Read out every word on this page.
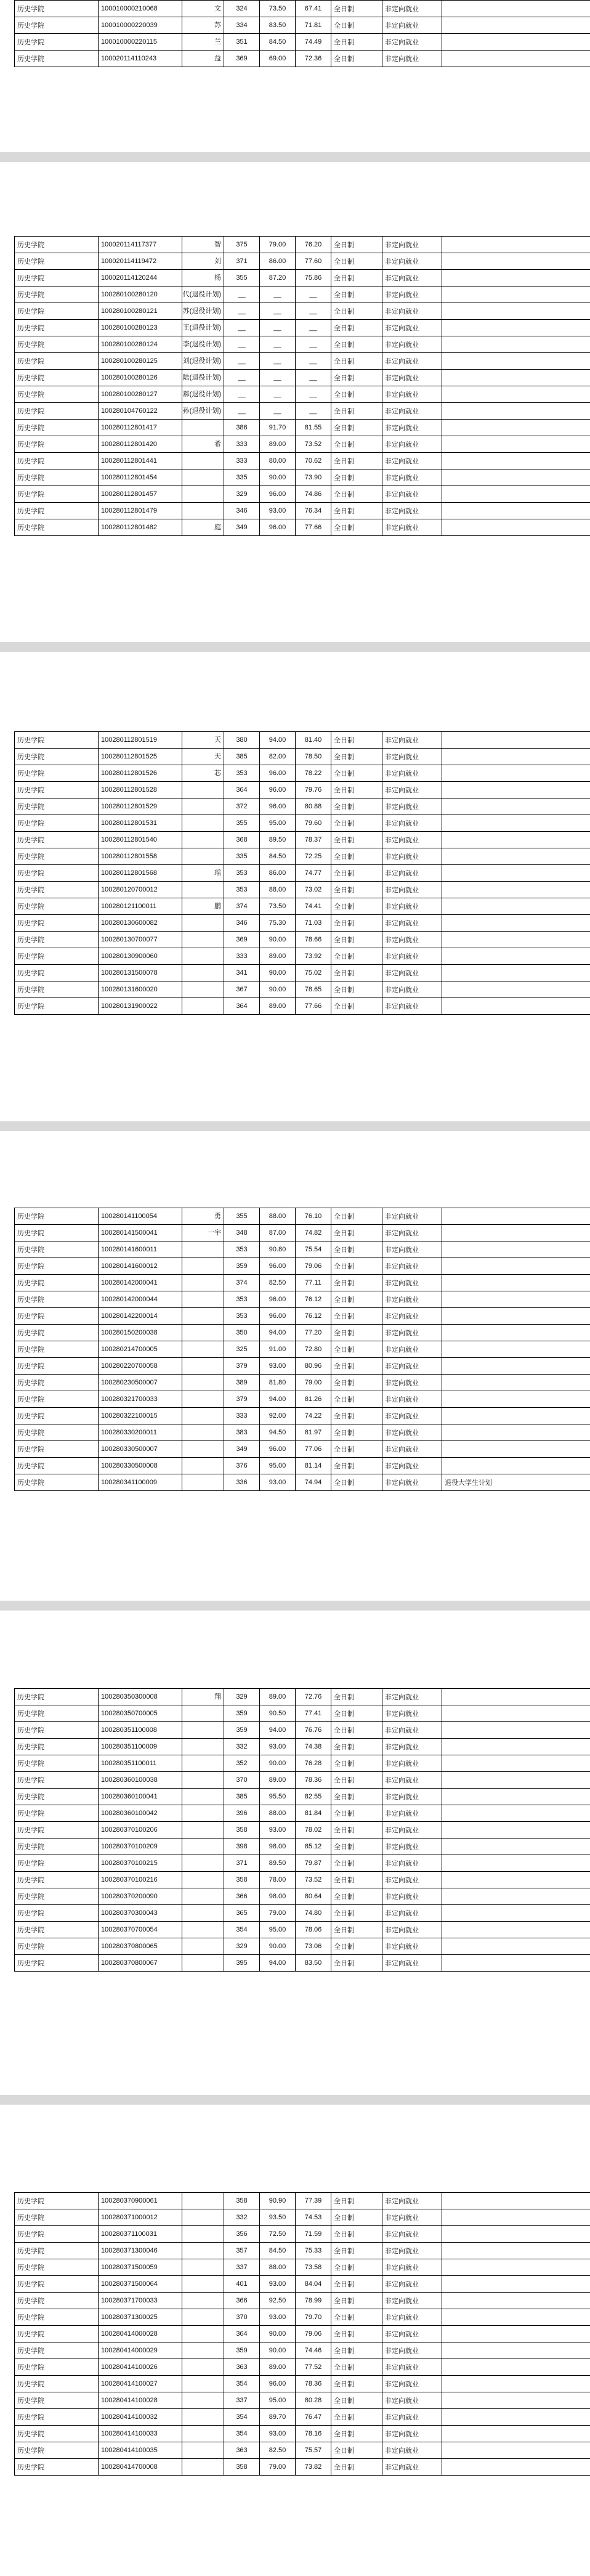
历史学院	100010000210068	文	324	73.50	67.41	全日制	非定向就业	
历史学院	100010000220039	苏	334	83.50	71.81	全日制	非定向就业	
历史学院	100010000220115	兰	351	84.50	74.49	全日制	非定向就业	
历史学院	100020114110243	益	369	69.00	72.36	全日制	非定向就业	
历史学院	100020114117377	智	375	79.00	76.20	全日制	非定向就业	
历史学院	100020114119472	刘	371	86.00	77.60	全日制	非定向就业	
历史学院	100020114120244	杨	355	87.20	75.86	全日制	非定向就业	
历史学院	100280100280120	代(退役计划)	__	__	__	全日制	非定向就业	
历史学院	100280100280121	苏(退役计划)	__	__	__	全日制	非定向就业	
历史学院	100280100280123	王(退役计划)	__	__	__	全日制	非定向就业	
历史学院	100280100280124	李(退役计划)	__	__	__	全日制	非定向就业	
历史学院	100280100280125	刘(退役计划)	__	__	__	全日制	非定向就业	
历史学院	100280100280126	陆(退役计划)	__	__	__	全日制	非定向就业	
历史学院	100280100280127	郝(退役计划)	__	__	__	全日制	非定向就业	
历史学院	100280104760122	孙(退役计划)	__	__	__	全日制	非定向就业	
历史学院	100280112801417		386	91.70	81.55	全日制	非定向就业	
历史学院	100280112801420	希	333	89.00	73.52	全日制	非定向就业	
历史学院	100280112801441		333	80.00	70.62	全日制	非定向就业	
历史学院	100280112801454		335	90.00	73.90	全日制	非定向就业	
历史学院	100280112801457		329	96.00	74.86	全日制	非定向就业	
历史学院	100280112801479		346	93.00	76.34	全日制	非定向就业	
历史学院	100280112801482	庭	349	96.00	77.66	全日制	非定向就业	
历史学院	100280112801519	天	380	94.00	81.40	全日制	非定向就业	
历史学院	100280112801525	天	385	82.00	78.50	全日制	非定向就业	
历史学院	100280112801526	芯	353	96.00	78.22	全日制	非定向就业	
历史学院	100280112801528		364	96.00	79.76	全日制	非定向就业	
历史学院	100280112801529		372	96.00	80.88	全日制	非定向就业	
历史学院	100280112801531		355	95.00	79.60	全日制	非定向就业	
历史学院	100280112801540		368	89.50	78.37	全日制	非定向就业	
历史学院	100280112801558		335	84.50	72.25	全日制	非定向就业	
历史学院	100280112801568	瑶	353	86.00	74.77	全日制	非定向就业	
历史学院	100280120700012		353	88.00	73.02	全日制	非定向就业	
历史学院	100280121100011	鹏	374	73.50	74.41	全日制	非定向就业	
历史学院	100280130600082		346	75.30	71.03	全日制	非定向就业	
历史学院	100280130700077		369	90.00	78.66	全日制	非定向就业	
历史学院	100280130900060		333	89.00	73.92	全日制	非定向就业	
历史学院	100280131500078		341	90.00	75.02	全日制	非定向就业	
历史学院	100280131600020		367	90.00	78.65	全日制	非定向就业	
历史学院	100280131900022		364	89.00	77.66	全日制	非定向就业	
历史学院	100280141100054	勇	355	88.00	76.10	全日制	非定向就业	
历史学院	100280141500041	一宇	348	87.00	74.82	全日制	非定向就业	
历史学院	100280141600011		353	90.80	75.54	全日制	非定向就业	
历史学院	100280141600012		359	96.00	79.06	全日制	非定向就业	
历史学院	100280142000041		374	82.50	77.11	全日制	非定向就业	
历史学院	100280142000044		353	96.00	76.12	全日制	非定向就业	
历史学院	100280142200014		353	96.00	76.12	全日制	非定向就业	
历史学院	100280150200038		350	94.00	77.20	全日制	非定向就业	
历史学院	100280214700005		325	91.00	72.80	全日制	非定向就业	
历史学院	100280220700058		379	93.00	80.96	全日制	非定向就业	
历史学院	100280230500007		389	81.80	79.00	全日制	非定向就业	
历史学院	100280321700033		379	94.00	81.26	全日制	非定向就业	
历史学院	100280322100015		333	92.00	74.22	全日制	非定向就业	
历史学院	100280330200011		383	94.50	81.97	全日制	非定向就业	
历史学院	100280330500007		349	96.00	77.06	全日制	非定向就业	
历史学院	100280330500008		376	95.00	81.14	全日制	非定向就业	
历史学院	100280341100009		336	93.00	74.94	全日制	非定向就业	退役大学生计划
历史学院	100280350300008	翔	329	89.00	72.76	全日制	非定向就业	
历史学院	100280350700005		359	90.50	77.41	全日制	非定向就业	
历史学院	100280351100008		359	94.00	76.76	全日制	非定向就业	
历史学院	100280351100009		332	93.00	74.38	全日制	非定向就业	
历史学院	100280351100011		352	90.00	76.28	全日制	非定向就业	
历史学院	100280360100038		370	89.00	78.36	全日制	非定向就业	
历史学院	100280360100041		385	95.50	82.55	全日制	非定向就业	
历史学院	100280360100042		396	88.00	81.84	全日制	非定向就业	
历史学院	100280370100206		358	93.00	78.02	全日制	非定向就业	
历史学院	100280370100209		398	98.00	85.12	全日制	非定向就业	
历史学院	100280370100215		371	89.50	79.87	全日制	非定向就业	
历史学院	100280370100216		358	78.00	73.52	全日制	非定向就业	
历史学院	100280370200090		366	98.00	80.64	全日制	非定向就业	
历史学院	100280370300043		365	79.00	74.80	全日制	非定向就业	
历史学院	100280370700054		354	95.00	78.06	全日制	非定向就业	
历史学院	100280370800065		329	90.00	73.06	全日制	非定向就业	
历史学院	100280370800067		395	94.00	83.50	全日制	非定向就业	
历史学院	100280370900061		358	90.90	77.39	全日制	非定向就业	
历史学院	100280371000012		332	93.50	74.53	全日制	非定向就业	
历史学院	100280371100031		356	72.50	71.59	全日制	非定向就业	
历史学院	100280371300046		357	84.50	75.33	全日制	非定向就业	
历史学院	100280371500059		337	88.00	73.58	全日制	非定向就业	
历史学院	100280371500064		401	93.00	84.04	全日制	非定向就业	
历史学院	100280371700033		366	92.50	78.99	全日制	非定向就业	
历史学院	100280371300025		370	93.00	79.70	全日制	非定向就业	
历史学院	100280414000028		364	90.00	79.06	全日制	非定向就业	
历史学院	100280414000029		359	90.00	74.46	全日制	非定向就业	
历史学院	100280414100026		363	89.00	77.52	全日制	非定向就业	
历史学院	100280414100027		354	96.00	78.36	全日制	非定向就业	
历史学院	100280414100028		337	95.00	80.28	全日制	非定向就业	
历史学院	100280414100032		354	89.70	76.47	全日制	非定向就业	
历史学院	100280414100033		354	93.00	78.16	全日制	非定向就业	
历史学院	100280414100035		363	82.50	75.57	全日制	非定向就业	
历史学院	100280414700008		358	79.00	73.82	全日制	非定向就业	
